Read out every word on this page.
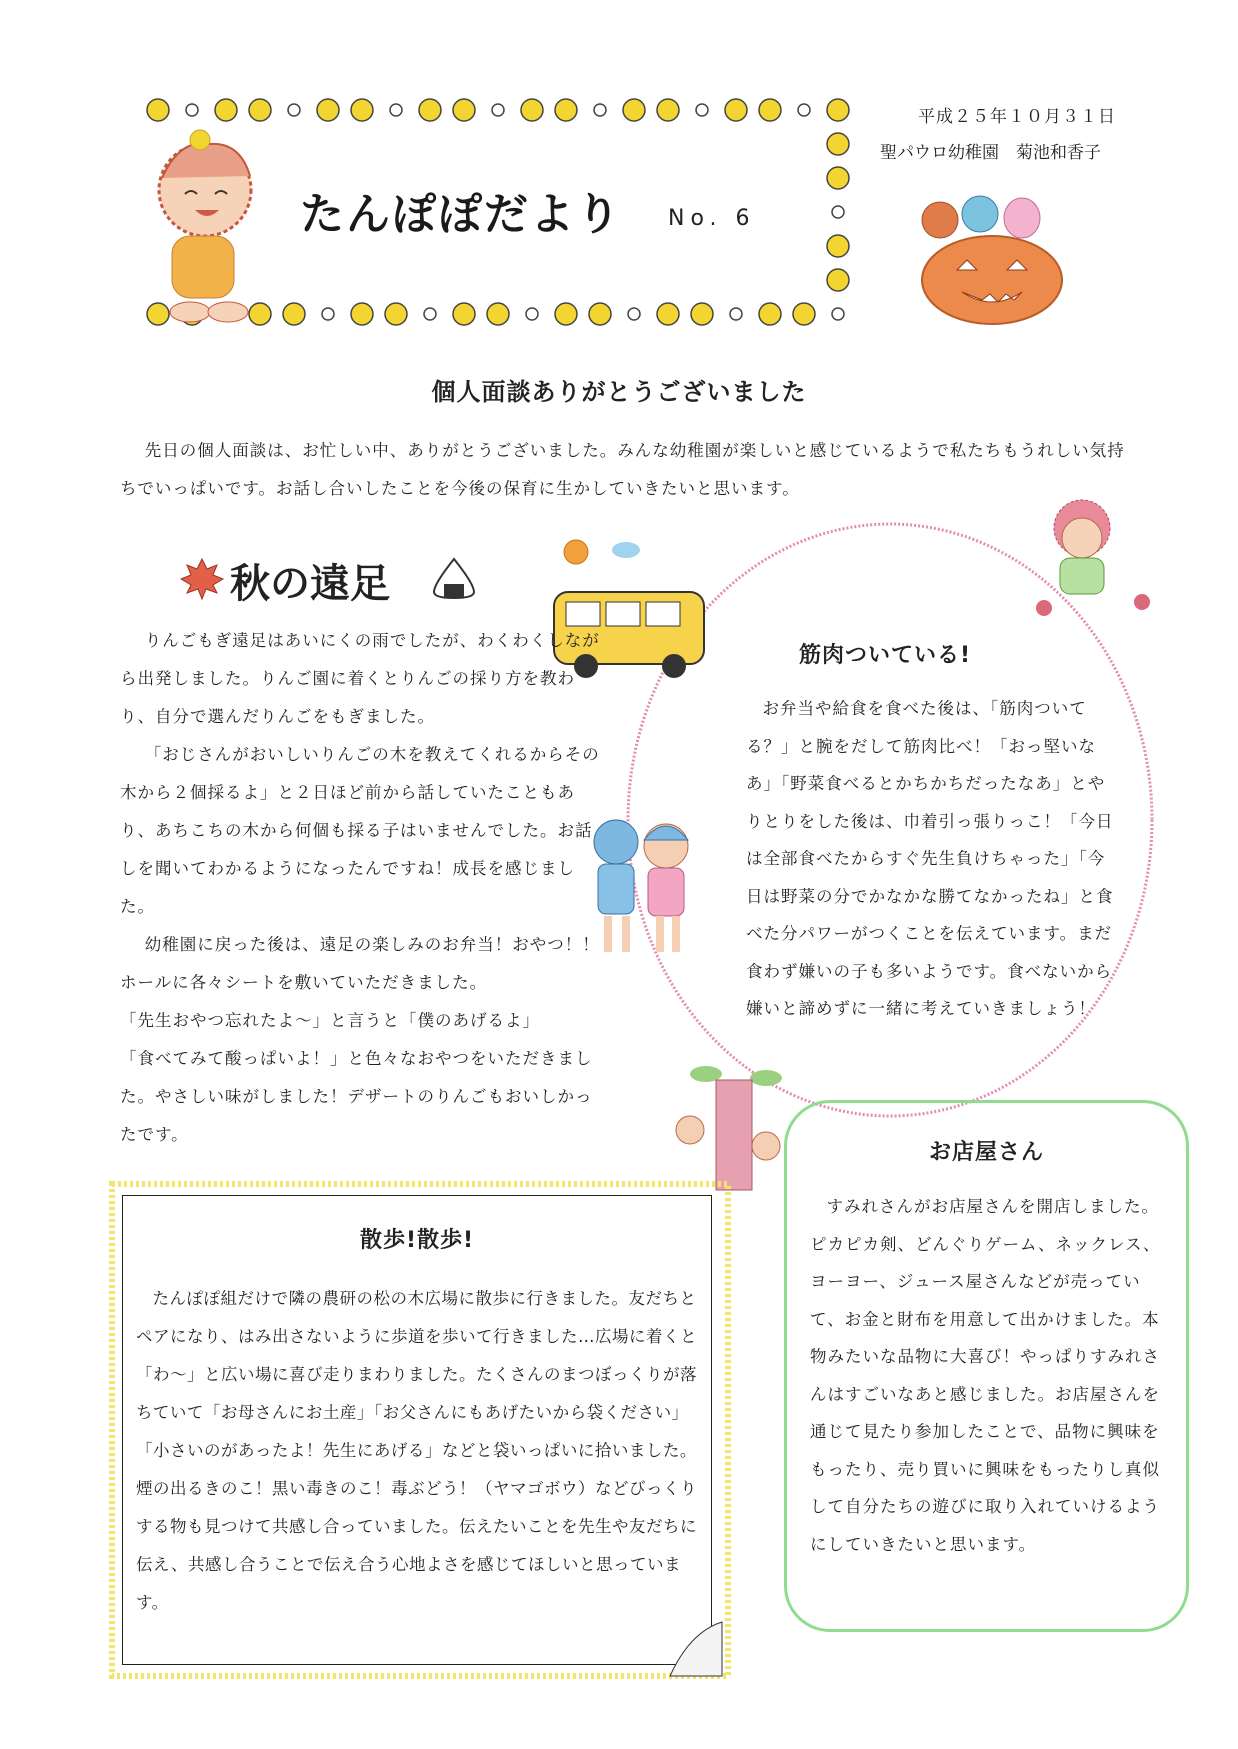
たんぽぽだより No. 6
平成２５年１０月３１日
聖パウロ幼稚園　菊池和香子
個人面談ありがとうございました
先日の個人面談は、お忙しい中、ありがとうございました。みんな幼稚園が楽しいと感じているようで私たちもうれしい気持ちでいっぱいです。お話し合いしたことを今後の保育に生かしていきたいと思います。
秋の遠足

りんごもぎ遠足はあいにくの雨でしたが、わくわくしながら出発しました。りんご園に着くとりんごの採り方を教わり、自分で選んだりんごをもぎました。

「おじさんがおいしいりんごの木を教えてくれるからその木から２個採るよ」と２日ほど前から話していたこともあり、あちこちの木から何個も採る子はいませんでした。お話しを聞いてわかるようになったんですね！成長を感じました。

幼稚園に戻った後は、遠足の楽しみのお弁当！おやつ！！ホールに各々シートを敷いていただきました。

「先生おやつ忘れたよ～」と言うと「僕のあげるよ」

「食べてみて酸っぱいよ！」と色々なおやつをいただきました。やさしい味がしました！デザートのりんごもおいしかったです。

筋肉ついている!
お弁当や給食を食べた後は、「筋肉ついてる？」と腕をだして筋肉比べ！「おっ堅いなあ」「野菜食べるとかちかちだったなあ」とやりとりをした後は、巾着引っ張りっこ！「今日は全部食べたからすぐ先生負けちゃった」「今日は野菜の分でかなかな勝てなかったね」と食べた分パワーがつくことを伝えています。まだ食わず嫌いの子も多いようです。食べないから嫌いと諦めずに一緒に考えていきましょう！
散歩!散歩!
たんぽぽ組だけで隣の農研の松の木広場に散歩に行きました。友だちとペアになり、はみ出さないように歩道を歩いて行きました…広場に着くと「わ～」と広い場に喜び走りまわりました。たくさんのまつぼっくりが落ちていて「お母さんにお土産」「お父さんにもあげたいから袋ください」「小さいのがあったよ！先生にあげる」などと袋いっぱいに拾いました。煙の出るきのこ！黒い毒きのこ！毒ぶどう！（ヤマゴボウ）などびっくりする物も見つけて共感し合っていました。伝えたいことを先生や友だちに伝え、共感し合うことで伝え合う心地よさを感じてほしいと思っています。
お店屋さん
すみれさんがお店屋さんを開店しました。ピカピカ剣、どんぐりゲーム、ネックレス、ヨーヨー、ジュース屋さんなどが売っていて、お金と財布を用意して出かけました。本物みたいな品物に大喜び！やっぱりすみれさんはすごいなあと感じました。お店屋さんを通じて見たり参加したことで、品物に興味をもったり、売り買いに興味をもったりし真似して自分たちの遊びに取り入れていけるようにしていきたいと思います。
